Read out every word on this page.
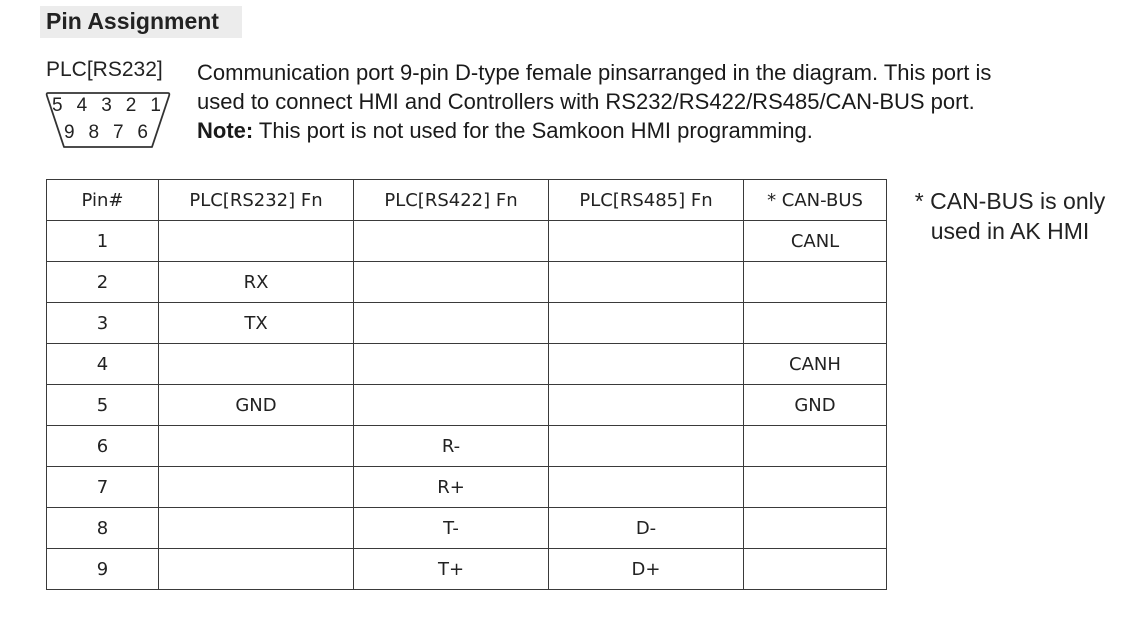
Pin Assignment
PLC[RS232]
5 4 3 2 1
9 8 7 6
Communication port 9-pin D-type female pinsarranged in the diagram. This port is
used to connect HMI and Controllers with RS232/RS422/RS485/CAN-BUS port.
Note: This port is not used for the Samkoon HMI programming.
Pin#	PLC[RS232] Fn	PLC[RS422] Fn	PLC[RS485] Fn	* CAN-BUS
1				CANL
2	RX			
3	TX			
4				CANH
5	GND			GND
6		R-		
7		R+		
8		T-	D-	
9		T+	D+	
* CAN-BUS is only
used in AK HMI
